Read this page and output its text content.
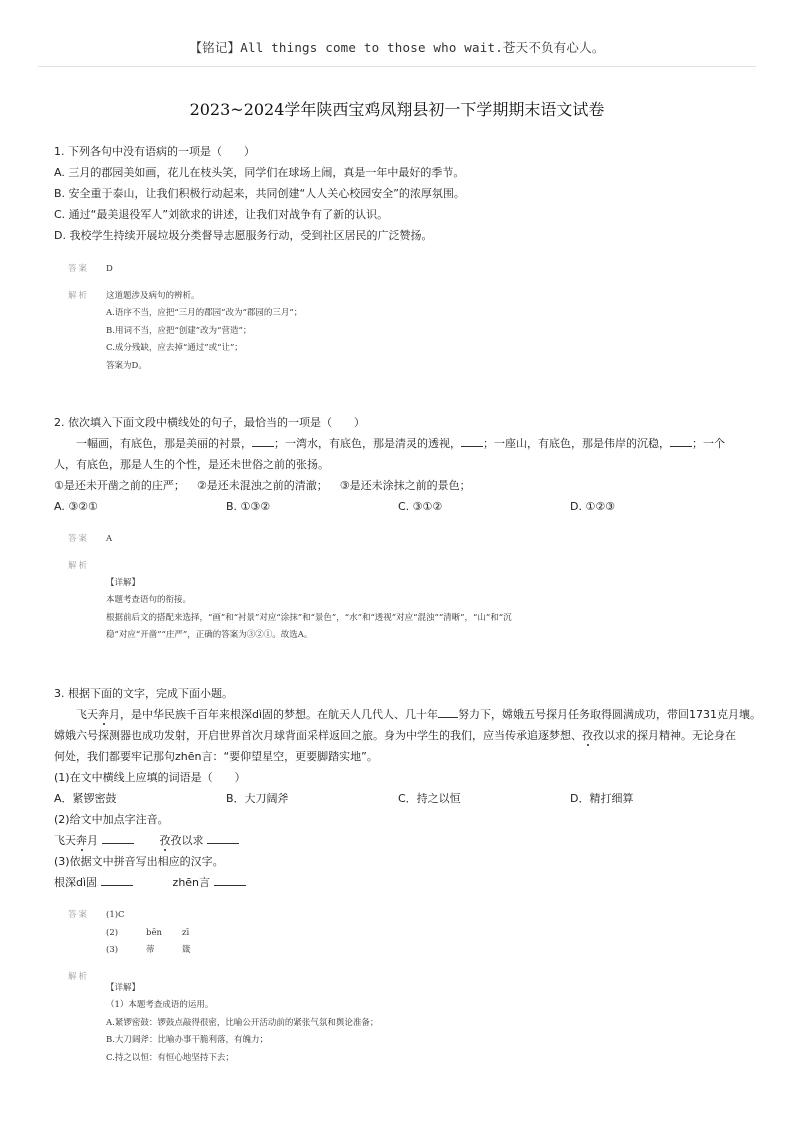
【铭记】All things come to those who wait.苍天不负有心人。
2023~2024学年陕西宝鸡凤翔县初一下学期期末语文试卷

1. 下列各句中没有语病的一项是（　　）

A. 三月的郡园美如画，花儿在枝头笑，同学们在球场上闹，真是一年中最好的季节。

B. 安全重于泰山，让我们积极行动起来，共同创建“人人关心校园安全”的浓厚氛围。

C. 通过“最美退役军人”刘欲求的讲述，让我们对战争有了新的认识。

D. 我校学生持续开展垃圾分类督导志愿服务行动，受到社区居民的广泛赞扬。

答案	D
解析	这道题涉及病句的辨析。
A.语序不当，应把“三月的郡园”改为“郡园的三月”；
B.用词不当，应把“创建”改为“营造”；
C.成分残缺，应去掉“通过”或“让”；
答案为D。

2. 依次填入下面文段中横线处的句子，最恰当的一项是（　　）

一幅画，有底色，那是美丽的衬景， ；一湾水，有底色，那是清灵的透视， ；一座山，有底色，那是伟岸的沉稳， ；一个

人，有底色，那是人生的个性，是还未世俗之前的张扬。

①是还未开凿之前的庄严； ②是还未混浊之前的清澈； ③是还未涂抹之前的景色；

A. ③②①	B. ①③②	C. ③①②	D. ①②③

答案	A
解析
【详解】
本题考查语句的衔接。
根据前后文的搭配来选择，“画”和“衬景”对应“涂抹”和“景色”，“水”和“透视”对应“混浊”“清晰”，“山”和“沉
稳”对应“开凿”“庄严”，正确的答案为③②①。故选A。

3. 根据下面的文字，完成下面小题。

飞天奔月，是中华民族千百年来根深dì固的梦想。在航天人几代人、几十年 努力下，嫦娥五号探月任务取得圆满成功，带回1731克月壤。

嫦娥六号探测器也成功发射，开启世界首次月球背面采样返回之旅。身为中学生的我们，应当传承追逐梦想、孜孜以求的探月精神。无论身在

何处，我们都要牢记那句zhēn言：“要仰望星空，更要脚踏实地”。

(1)在文中横线上应填的词语是（　　）

A．紧锣密鼓	B．大刀阔斧	C．持之以恒	D．精打细算

(2)给文中加点字注音。

飞天奔月	孜孜以求

(3)依据文中拼音写出相应的汉字。

根深dì固	zhēn言

答案	(1)C
(2)	bēn zī
(3)	蒂	箴
解析
【详解】
（1）本题考查成语的运用。
A.紧锣密鼓：锣鼓点敲得很密，比喻公开活动前的紧张气氛和舆论准备；
B.大刀阔斧：比喻办事干脆利落，有魄力；
C.持之以恒：有恒心地坚持下去；
